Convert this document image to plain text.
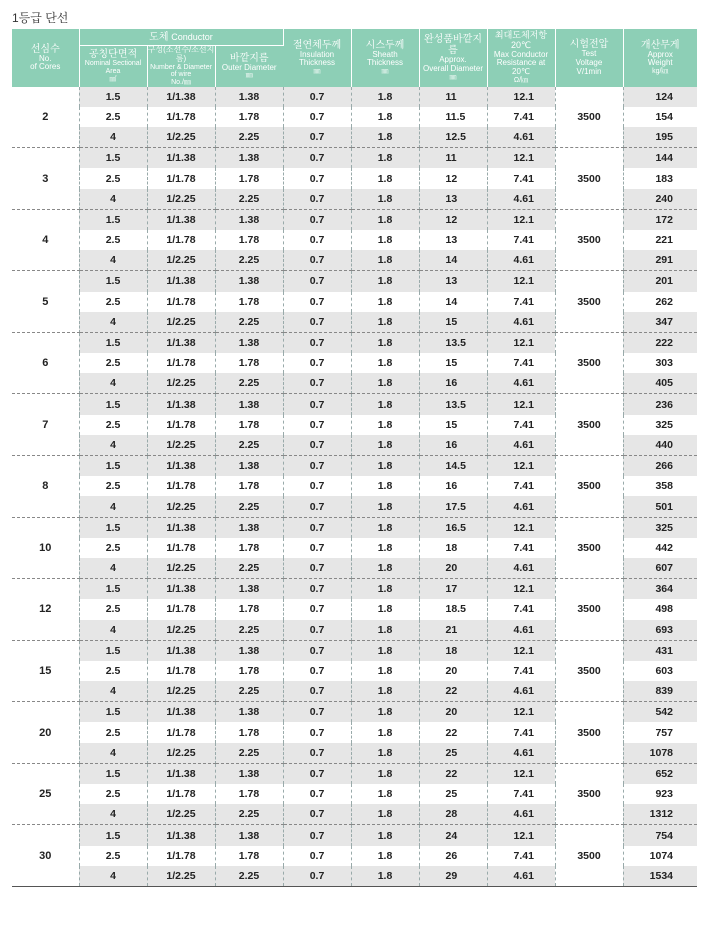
1등급 단선
선심수
No.
of Cores	도체 Conductor			절연체두께
Insulation
Thickness
㎜	시스두께
Sheath
Thickness
㎜	완성품바깥지름
Approx.
Overall Diameter
㎜	최대도체저항20℃
Max Conductor
Resistance at 20℃
Ω/㎞	시험전압
Test
Voltage
V/1min	개산무게
Approx
Weight
kg/㎞

	공칭단면적
Nominal Sectional Area
㎟	구성(소선수/소선지름)
Number & Diameter of wire
No./㎜	바깥지름
Outer Diameter
㎜						

2	1.5	1/1.38	1.38	0.7	1.8	11	12.1	3500	124
	2.5	1/1.78	1.78	0.7	1.8	11.5	7.41		154
	4	1/2.25	2.25	0.7	1.8	12.5	4.61		195
3	1.5	1/1.38	1.38	0.7	1.8	11	12.1	3500	144
	2.5	1/1.78	1.78	0.7	1.8	12	7.41		183
	4	1/2.25	2.25	0.7	1.8	13	4.61		240
4	1.5	1/1.38	1.38	0.7	1.8	12	12.1	3500	172
	2.5	1/1.78	1.78	0.7	1.8	13	7.41		221
	4	1/2.25	2.25	0.7	1.8	14	4.61		291
5	1.5	1/1.38	1.38	0.7	1.8	13	12.1	3500	201
	2.5	1/1.78	1.78	0.7	1.8	14	7.41		262
	4	1/2.25	2.25	0.7	1.8	15	4.61		347
6	1.5	1/1.38	1.38	0.7	1.8	13.5	12.1	3500	222
	2.5	1/1.78	1.78	0.7	1.8	15	7.41		303
	4	1/2.25	2.25	0.7	1.8	16	4.61		405
7	1.5	1/1.38	1.38	0.7	1.8	13.5	12.1	3500	236
	2.5	1/1.78	1.78	0.7	1.8	15	7.41		325
	4	1/2.25	2.25	0.7	1.8	16	4.61		440
8	1.5	1/1.38	1.38	0.7	1.8	14.5	12.1	3500	266
	2.5	1/1.78	1.78	0.7	1.8	16	7.41		358
	4	1/2.25	2.25	0.7	1.8	17.5	4.61		501
10	1.5	1/1.38	1.38	0.7	1.8	16.5	12.1	3500	325
	2.5	1/1.78	1.78	0.7	1.8	18	7.41		442
	4	1/2.25	2.25	0.7	1.8	20	4.61		607
12	1.5	1/1.38	1.38	0.7	1.8	17	12.1	3500	364
	2.5	1/1.78	1.78	0.7	1.8	18.5	7.41		498
	4	1/2.25	2.25	0.7	1.8	21	4.61		693
15	1.5	1/1.38	1.38	0.7	1.8	18	12.1	3500	431
	2.5	1/1.78	1.78	0.7	1.8	20	7.41		603
	4	1/2.25	2.25	0.7	1.8	22	4.61		839
20	1.5	1/1.38	1.38	0.7	1.8	20	12.1	3500	542
	2.5	1/1.78	1.78	0.7	1.8	22	7.41		757
	4	1/2.25	2.25	0.7	1.8	25	4.61		1078
25	1.5	1/1.38	1.38	0.7	1.8	22	12.1	3500	652
	2.5	1/1.78	1.78	0.7	1.8	25	7.41		923
	4	1/2.25	2.25	0.7	1.8	28	4.61		1312
30	1.5	1/1.38	1.38	0.7	1.8	24	12.1	3500	754
	2.5	1/1.78	1.78	0.7	1.8	26	7.41		1074
	4	1/2.25	2.25	0.7	1.8	29	4.61		1534
